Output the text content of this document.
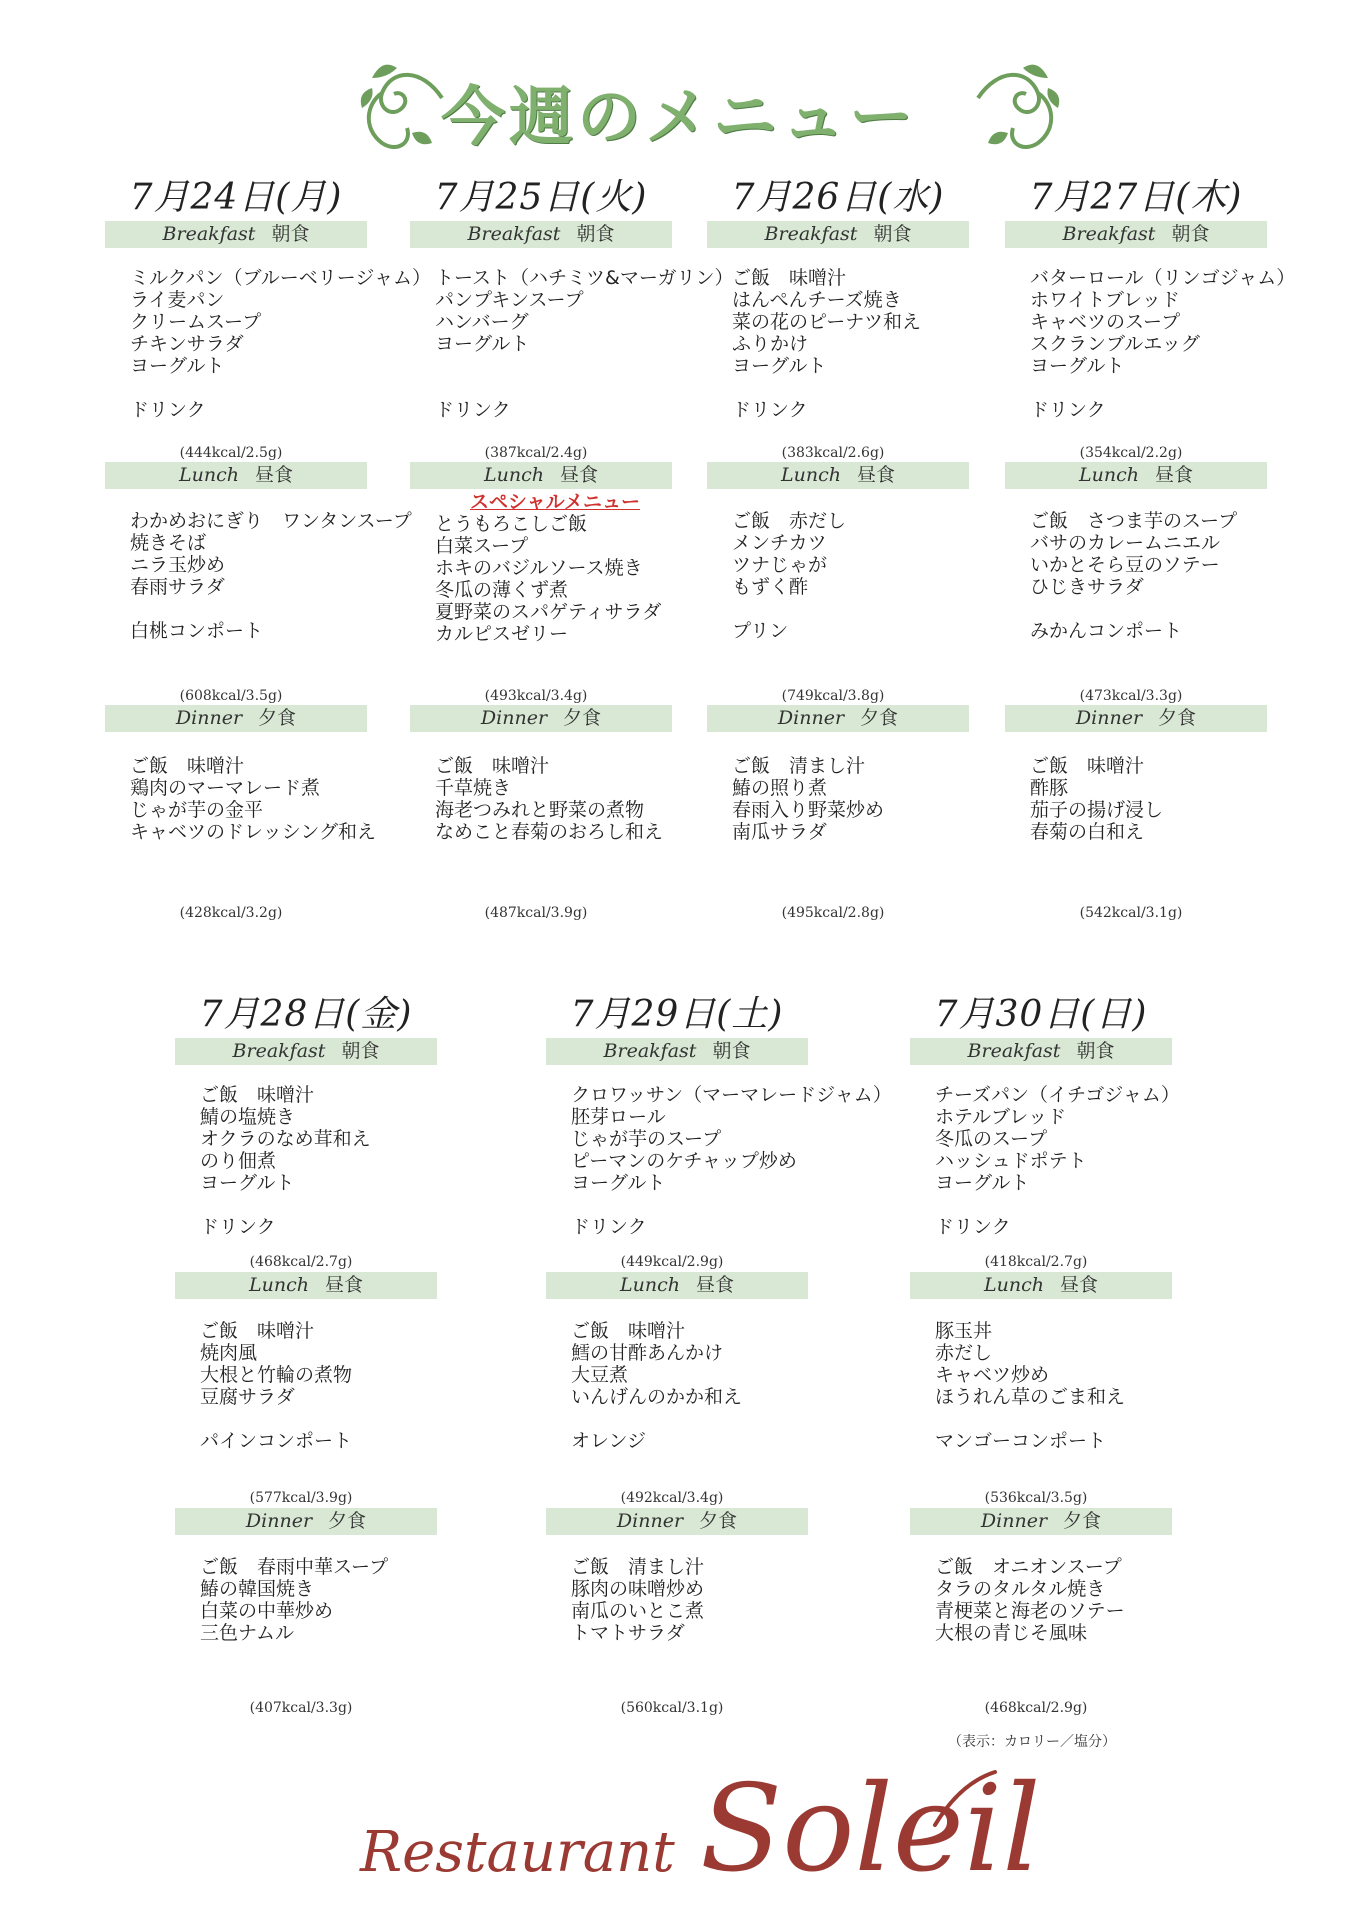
今週のメニュー
7月24日(月)
Breakfast 朝食
ミルクパン（ブルーベリージャム）
ライ麦パン
クリームスープ
チキンサラダ
ヨーグルト
ドリンク
(444kcal/2.5g)
Lunch 昼食
わかめおにぎり　ワンタンスープ
焼きそば
ニラ玉炒め
春雨サラダ
白桃コンポート
(608kcal/3.5g)
Dinner 夕食
ご飯　味噌汁
鶏肉のマーマレード煮
じゃが芋の金平
キャベツのドレッシング和え
(428kcal/3.2g)
7月25日(火)
Breakfast 朝食
トースト（ハチミツ&マーガリン）
パンプキンスープ
ハンバーグ
ヨーグルト
ドリンク
(387kcal/2.4g)
Lunch 昼食
スペシャルメニュー
とうもろこしご飯
白菜スープ
ホキのバジルソース焼き
冬瓜の薄くず煮
夏野菜のスパゲティサラダ
カルピスゼリー
(493kcal/3.4g)
Dinner 夕食
ご飯　味噌汁
千草焼き
海老つみれと野菜の煮物
なめこと春菊のおろし和え
(487kcal/3.9g)
7月26日(水)
Breakfast 朝食
ご飯　味噌汁
はんぺんチーズ焼き
菜の花のピーナツ和え
ふりかけ
ヨーグルト
ドリンク
(383kcal/2.6g)
Lunch 昼食
ご飯　赤だし
メンチカツ
ツナじゃが
もずく酢
プリン
(749kcal/3.8g)
Dinner 夕食
ご飯　清まし汁
鰆の照り煮
春雨入り野菜炒め
南瓜サラダ
(495kcal/2.8g)
7月27日(木)
Breakfast 朝食
バターロール（リンゴジャム）
ホワイトブレッド
キャベツのスープ
スクランブルエッグ
ヨーグルト
ドリンク
(354kcal/2.2g)
Lunch 昼食
ご飯　さつま芋のスープ
バサのカレームニエル
いかとそら豆のソテー
ひじきサラダ
みかんコンポート
(473kcal/3.3g)
Dinner 夕食
ご飯　味噌汁
酢豚
茄子の揚げ浸し
春菊の白和え
(542kcal/3.1g)
7月28日(金)
Breakfast 朝食
ご飯　味噌汁
鯖の塩焼き
オクラのなめ茸和え
のり佃煮
ヨーグルト
ドリンク
(468kcal/2.7g)
Lunch 昼食
ご飯　味噌汁
焼肉風
大根と竹輪の煮物
豆腐サラダ
パインコンポート
(577kcal/3.9g)
Dinner 夕食
ご飯　春雨中華スープ
鰆の韓国焼き
白菜の中華炒め
三色ナムル
(407kcal/3.3g)
7月29日(土)
Breakfast 朝食
クロワッサン（マーマレードジャム）
胚芽ロール
じゃが芋のスープ
ピーマンのケチャップ炒め
ヨーグルト
ドリンク
(449kcal/2.9g)
Lunch 昼食
ご飯　味噌汁
鱈の甘酢あんかけ
大豆煮
いんげんのかか和え
オレンジ
(492kcal/3.4g)
Dinner 夕食
ご飯　清まし汁
豚肉の味噌炒め
南瓜のいとこ煮
トマトサラダ
(560kcal/3.1g)
7月30日(日)
Breakfast 朝食
チーズパン（イチゴジャム）
ホテルブレッド
冬瓜のスープ
ハッシュドポテト
ヨーグルト
ドリンク
(418kcal/2.7g)
Lunch 昼食
豚玉丼
赤だし
キャベツ炒め
ほうれん草のごま和え
マンゴーコンポート
(536kcal/3.5g)
Dinner 夕食
ご飯　オニオンスープ
タラのタルタル焼き
青梗菜と海老のソテー
大根の青じそ風味
(468kcal/2.9g)
（表示：カロリー／塩分）
Restaurant Soleil
